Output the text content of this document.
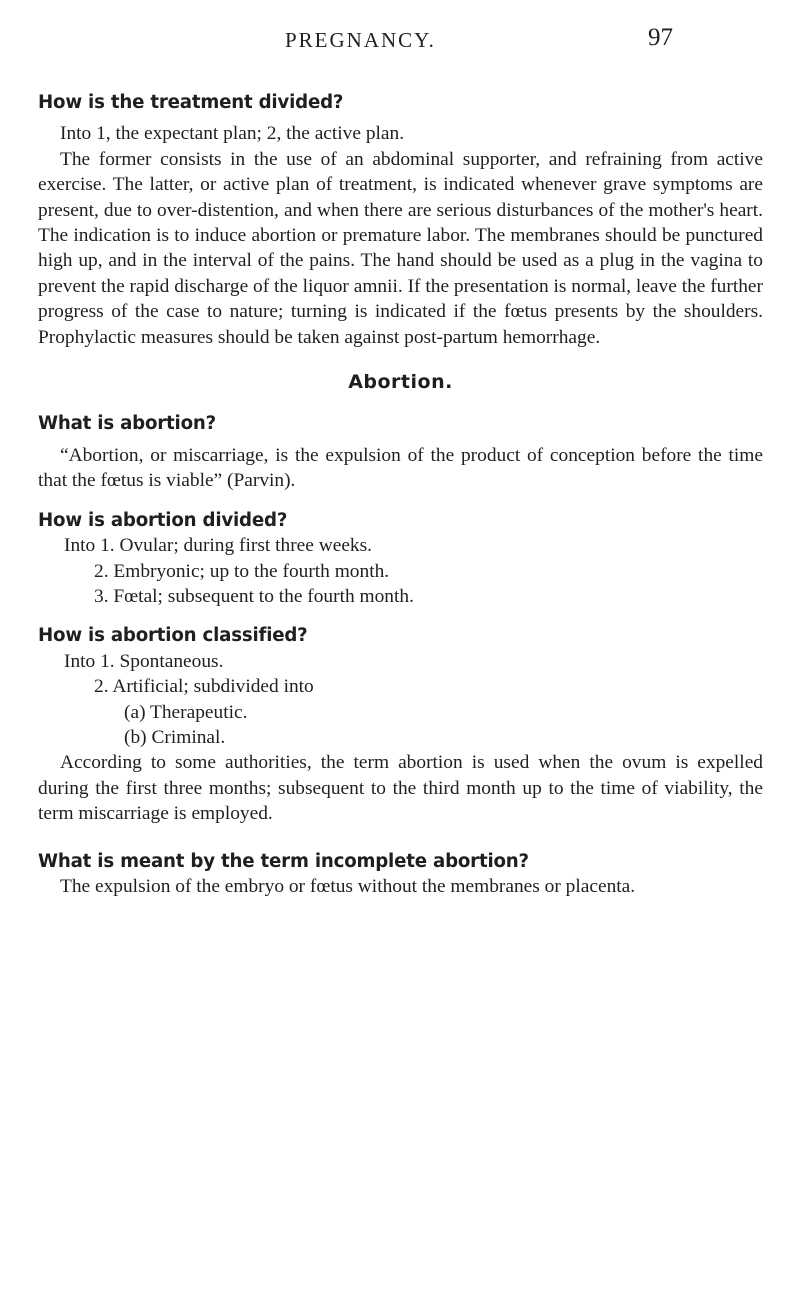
PREGNANCY.	97

How is the treatment divided?

Into 1, the expectant plan; 2, the active plan.

The former consists in the use of an abdominal supporter, and refraining from active exercise. The latter, or active plan of treatment, is indicated whenever grave symptoms are present, due to over-distention, and when there are serious disturbances of the mother's heart. The indication is to induce abortion or premature labor. The membranes should be punctured high up, and in the interval of the pains. The hand should be used as a plug in the vagina to prevent the rapid discharge of the liquor amnii. If the presentation is normal, leave the further progress of the case to nature; turning is indicated if the fœtus presents by the shoulders. Prophylactic measures should be taken against post-partum hemorrhage.

Abortion.

What is abortion?

“Abortion, or miscarriage, is the expulsion of the product of conception before the time that the fœtus is viable” (Parvin).

How is abortion divided?

Into 1. Ovular; during first three weeks.

2. Embryonic; up to the fourth month.

3. Fœtal; subsequent to the fourth month.

How is abortion classified?

Into 1. Spontaneous.

2. Artificial; subdivided into

(a) Therapeutic.

(b) Criminal.

According to some authorities, the term abortion is used when the ovum is expelled during the first three months; subsequent to the third month up to the time of viability, the term miscarriage is employed.

What is meant by the term incomplete abortion?

The expulsion of the embryo or fœtus without the membranes or placenta.
